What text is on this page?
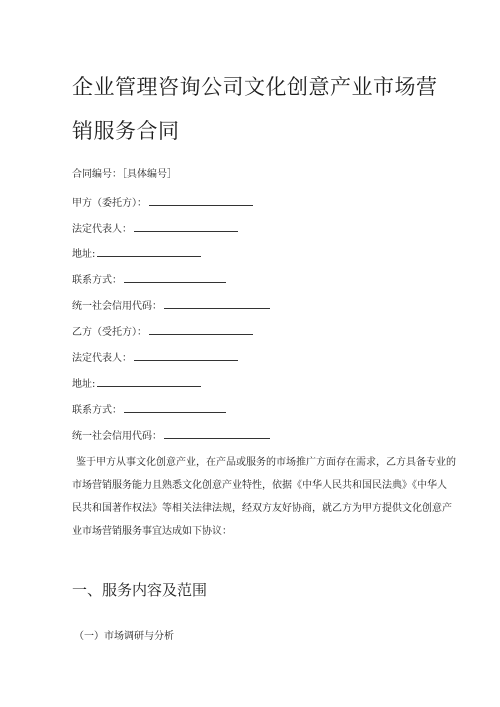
企业管理咨询公司文化创意产业市场营
销服务合同
合同编号：［具体编号］
甲方（委托方）：
法定代表人：
地址:
联系方式：
统一社会信用代码：
乙方（受托方）：
法定代表人：
地址:
联系方式：
统一社会信用代码：
鉴于甲方从事文化创意产业，在产品或服务的市场推广方面存在需求，乙方具备专业的
市场营销服务能力且熟悉文化创意产业特性，依据《中华人民共和国民法典》《中华人
民共和国著作权法》等相关法律法规，经双方友好协商，就乙方为甲方提供文化创意产
业市场营销服务事宜达成如下协议：
一、服务内容及范围
（一）市场调研与分析
